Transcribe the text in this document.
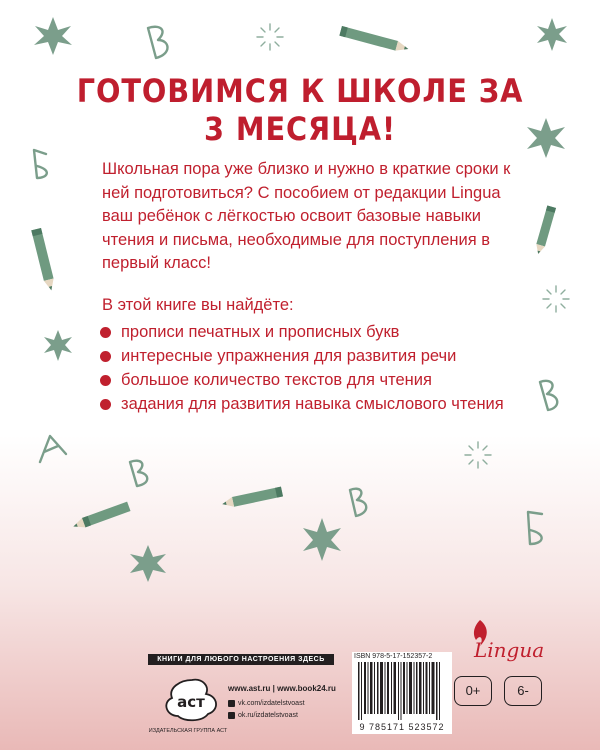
ГОТОВИМСЯ К ШКОЛЕ ЗА 3 МЕСЯЦА!
Школьная пора уже близко и нужно в краткие сроки к ней подготовиться? С пособием от редакции Lingua ваш ребёнок с лёгкостью освоит базовые навыки чтения и письма, необходимые для поступления в первый класс!
В этой книге вы найдёте:
прописи печатных и прописных букв
интересные упражнения для развития речи
большое количество текстов для чтения
задания для развития навыка смыслового чтения
КНИГИ ДЛЯ ЛЮБОГО НАСТРОЕНИЯ ЗДЕСЬ
аст
ИЗДАТЕЛЬСКАЯ ГРУППА АСТ
www.ast.ru | www.book24.ru
vk.com/izdatelstvoast
ok.ru/izdatelstvoast
ISBN 978-5-17-152357-2
9 785171 523572
Lingua
0+	6-
